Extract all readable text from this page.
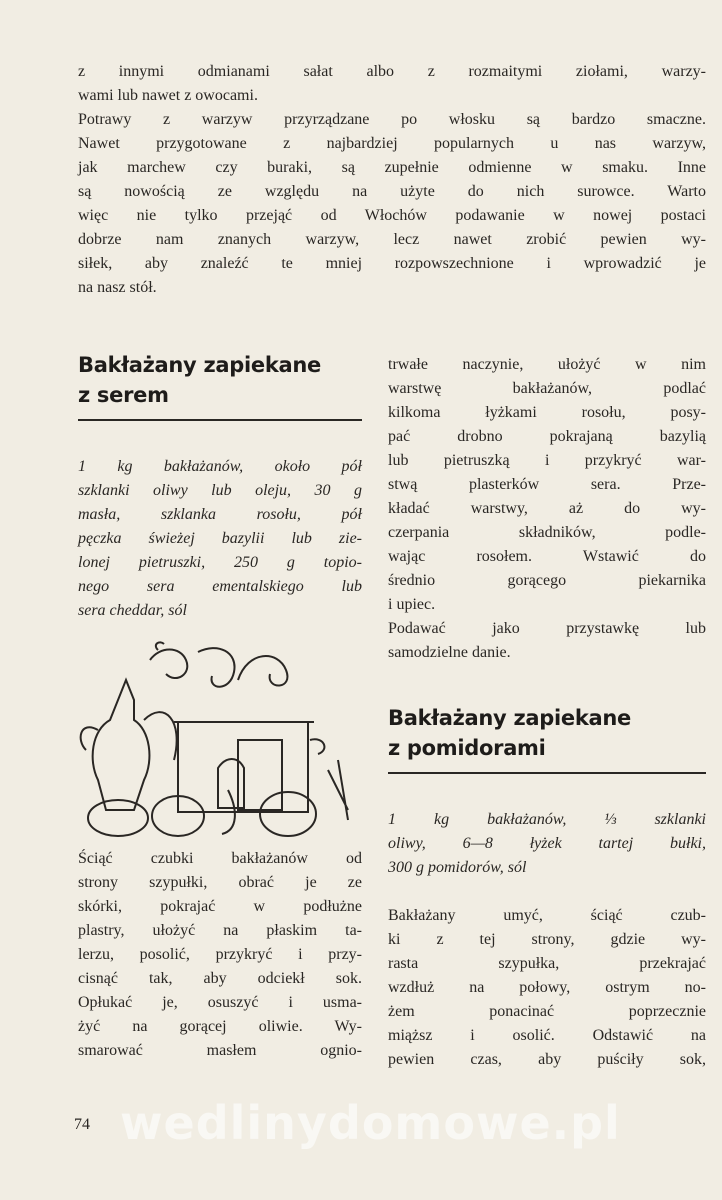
z innymi odmianami sałat albo z rozmaitymi ziołami, warzy-
wami lub nawet z owocami.
Potrawy z warzyw przyrządzane po włosku są bardzo smaczne.
Nawet przygotowane z najbardziej popularnych u nas warzyw,
jak marchew czy buraki, są zupełnie odmienne w smaku. Inne
są nowością ze względu na użyte do nich surowce. Warto
więc nie tylko przejąć od Włochów podawanie w nowej postaci
dobrze nam znanych warzyw, lecz nawet zrobić pewien wy-
siłek, aby znaleźć te mniej rozpowszechnione i wprowadzić je
na nasz stół.
Bakłażany zapiekane
z serem
1 kg bakłażanów, około pół
szklanki oliwy lub oleju, 30 g
masła, szklanka rosołu, pół
pęczka świeżej bazylii lub zie-
lonej pietruszki, 250 g topio-
nego sera ementalskiego lub
sera cheddar, sól
Ściąć czubki bakłażanów od
strony szypułki, obrać je ze
skórki, pokrajać w podłużne
plastry, ułożyć na płaskim ta-
lerzu, posolić, przykryć i przy-
cisnąć tak, aby odciekł sok.
Opłukać je, osuszyć i usma-
żyć na gorącej oliwie. Wy-
smarować masłem ognio-
trwałe naczynie, ułożyć w nim
warstwę bakłażanów, podlać
kilkoma łyżkami rosołu, posy-
pać drobno pokrajaną bazylią
lub pietruszką i przykryć war-
stwą plasterków sera. Prze-
kładać warstwy, aż do wy-
czerpania składników, podle-
wając rosołem. Wstawić do
średnio gorącego piekarnika
i upiec.
Podawać jako przystawkę lub
samodzielne danie.
Bakłażany zapiekane
z pomidorami
1 kg bakłażanów, ⅓ szklanki
oliwy, 6—8 łyżek tartej bułki,
300 g pomidorów, sól
Bakłażany umyć, ściąć czub-
ki z tej strony, gdzie wy-
rasta szypułka, przekrajać
wzdłuż na połowy, ostrym no-
żem ponacinać poprzecznie
miąższ i osolić. Odstawić na
pewien czas, aby puściły sok,
wedlinydomowe.pl
74
